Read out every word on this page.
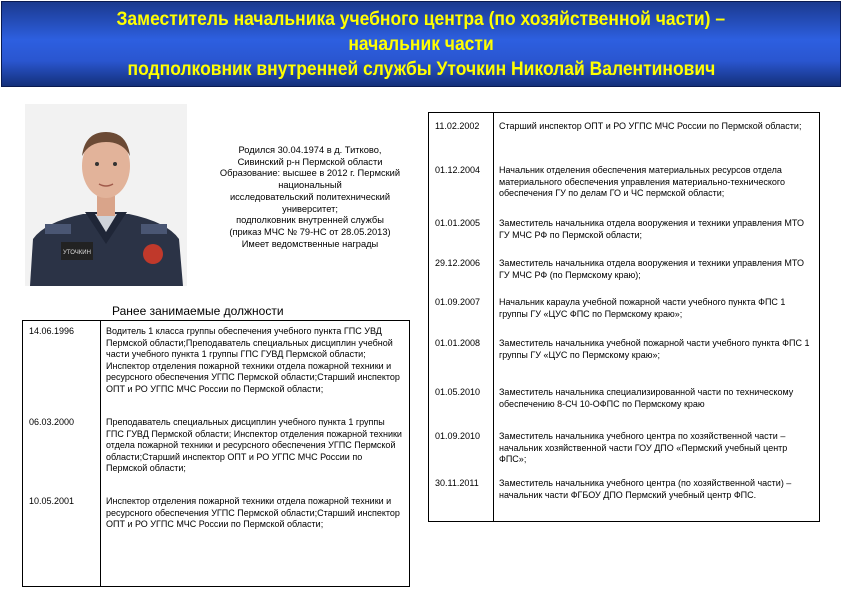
Заместитель начальника учебного центра (по хозяйственной части) –
начальник части
подполковник внутренней службы Уточкин Николай Валентинович
УТОЧКИН
Родился 30.04.1974 в д. Титково,
Сивинский р-н Пермской области
Образование: высшее в 2012 г. Пермский
национальный
исследовательский политехнический
университет;
подполковник внутренней службы
(приказ МЧС № 79-НС от 28.05.2013)
Имеет ведомственные награды
Ранее занимаемые должности
14.06.1996	Водитель 1 класса группы обеспечения учебного пункта ГПС УВД Пермской области;Преподаватель специальных дисциплин учебной части учебного пункта 1 группы ГПС ГУВД Пермской области; Инспектор отделения пожарной техники отдела пожарной техники и ресурсного обеспечения УГПС Пермской области;Старший инспектор ОПТ и РО УГПС МЧС России по Пермской области;
06.03.2000	Преподаватель специальных дисциплин учебного пункта 1 группы ГПС ГУВД Пермской области; Инспектор отделения пожарной техники отдела пожарной техники и ресурсного обеспечения УГПС Пермской области;Старший инспектор ОПТ и РО УГПС МЧС России по Пермской области;
10.05.2001	Инспектор отделения пожарной техники отдела пожарной техники и ресурсного обеспечения УГПС Пермской области;Старший инспектор ОПТ и РО УГПС МЧС России по Пермской области;
11.02.2002 Старший инспектор ОПТ и РО УГПС МЧС России по Пермской области;
01.12.2004 Начальник отделения обеспечения материальных ресурсов отдела материального обеспечения управления материально-технического обеспечения ГУ по делам ГО и ЧС пермской области;
01.01.2005 Заместитель начальника отдела вооружения и техники управления МТО ГУ МЧС РФ по Пермской области;
29.12.2006 Заместитель начальника отдела вооружения и техники управления МТО ГУ МЧС РФ (по Пермскому краю);
01.09.2007 Начальник караула учебной пожарной части учебного пункта ФПС 1 группы ГУ «ЦУС ФПС по Пермскому краю»;
01.01.2008 Заместитель начальника учебной пожарной части учебного пункта ФПС 1 группы ГУ «ЦУС по Пермскому краю»;
01.05.2010 Заместитель начальника специализированной части по техническому обеспечению 8-СЧ 10-ОФПС по Пермскому краю
01.09.2010 Заместитель начальника учебного центра по хозяйственной части – начальник хозяйственной части ГОУ ДПО «Пермский учебный центр ФПС»;
30.11.2011 Заместитель начальника учебного центра (по хозяйственной части) – начальник части ФГБОУ ДПО Пермский учебный центр ФПС.
